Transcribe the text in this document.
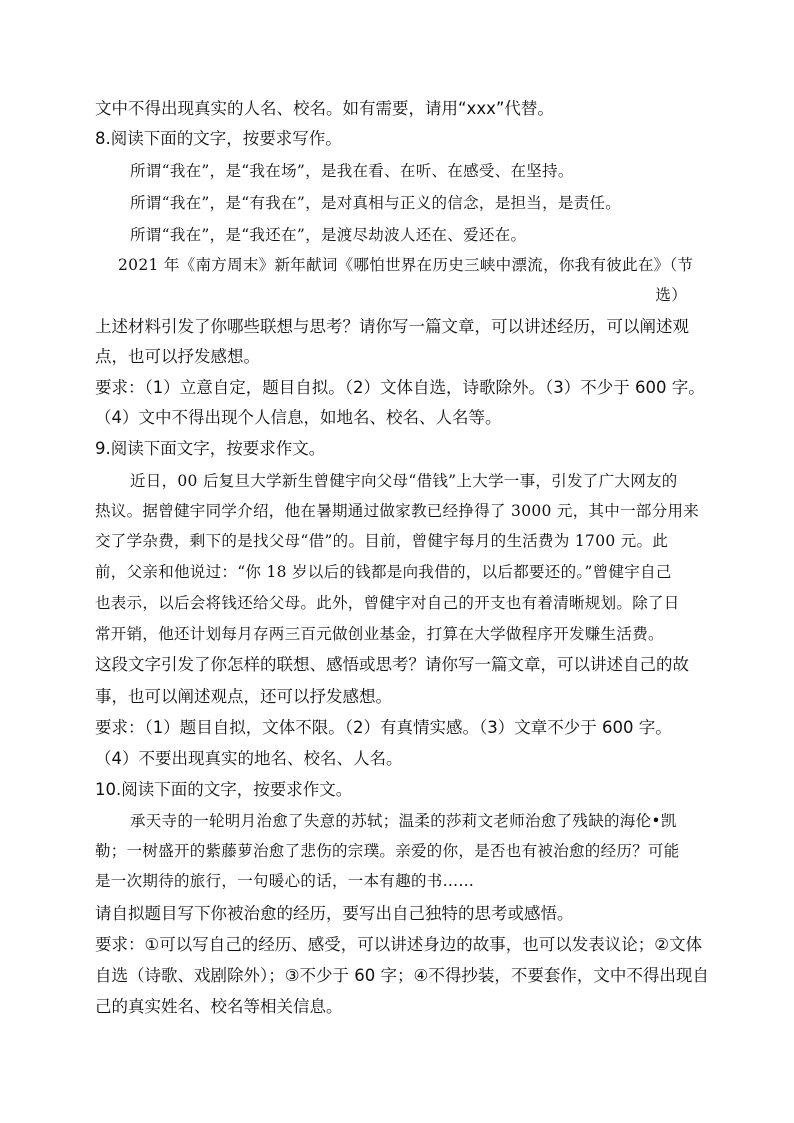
文中不得出现真实的人名、校名。如有需要，请用“xxx”代替。
8.阅读下面的文字，按要求写作。
所谓“我在”，是“我在场”，是我在看、在听、在感受、在坚持。
所谓“我在”，是“有我在”，是对真相与正义的信念，是担当，是责任。
所谓“我在”，是“我还在”，是渡尽劫波人还在、爱还在。
2021 年《南方周末》新年献词《哪怕世界在历史三峡中漂流，你我有彼此在》（节
选）
上述材料引发了你哪些联想与思考？请你写一篇文章，可以讲述经历，可以阐述观
点，也可以抒发感想。
要求：（1）立意自定，题目自拟。（2）文体自选，诗歌除外。（3）不少于 600 字。
（4）文中不得出现个人信息，如地名、校名、人名等。
9.阅读下面文字，按要求作文。
近日，00 后复旦大学新生曾健宇向父母“借钱”上大学一事，引发了广大网友的
热议。据曾健宇同学介绍，他在暑期通过做家教已经挣得了 3000 元，其中一部分用来
交了学杂费，剩下的是找父母“借”的。目前，曾健宇每月的生活费为 1700 元。此
前，父亲和他说过：“你 18 岁以后的钱都是向我借的，以后都要还的。”曾健宇自己
也表示，以后会将钱还给父母。此外，曾健宇对自己的开支也有着清晰规划。除了日
常开销，他还计划每月存两三百元做创业基金，打算在大学做程序开发赚生活费。
这段文字引发了你怎样的联想、感悟或思考？请你写一篇文章，可以讲述自己的故
事，也可以阐述观点，还可以抒发感想。
要求：（1）题目自拟，文体不限。（2）有真情实感。（3）文章不少于 600 字。
（4）不要出现真实的地名、校名、人名。
10.阅读下面的文字，按要求作文。
承天寺的一轮明月治愈了失意的苏轼；温柔的莎莉文老师治愈了残缺的海伦•凯
勒；一树盛开的紫藤萝治愈了悲伤的宗璞。亲爱的你，是否也有被治愈的经历？可能
是一次期待的旅行，一句暖心的话，一本有趣的书……
请自拟题目写下你被治愈的经历，要写出自己独特的思考或感悟。
要求：①可以写自己的经历、感受，可以讲述身边的故事，也可以发表议论；②文体
自选（诗歌、戏剧除外）；③不少于 60 字；④不得抄装，不要套作，文中不得出现自
己的真实姓名、校名等相关信息。
